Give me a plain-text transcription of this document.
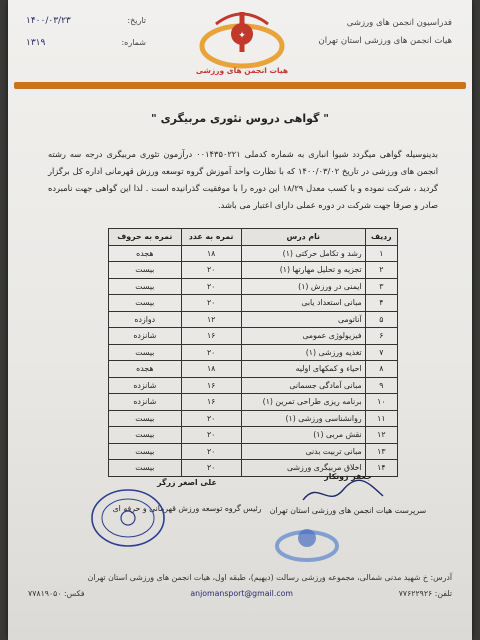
تاریخ:
۱۴۰۰/۰۳/۲۳
شماره:
۱۳۱۹
✦
هیات انجمن های ورزشی
فدراسیون انجمن های ورزشی
هیات انجمن های ورزشی استان تهران
" گواهی دروس تئوری مربیگری "
بدینوسیله گواهی میگردد شیوا انباری به شماره کدملی ۰۰۱۴۳۵۰۲۲۱ درآزمون تئوری مربیگری درجه سه رشته انجمن های ورزشی در تاریخ ۱۴۰۰/۰۳/۰۲ که با نظارت واحد آموزش گروه توسعه ورزش قهرمانی اداره کل برگزار گردید ، شرکت نموده و با کسب معدل ۱۸/۲۹ این دوره را با موفقیت گذرانیده است . لذا این گواهی جهت نامبرده صادر و صرفا جهت شرکت در دوره عملی دارای اعتبار می باشد.
ردیف	نام درس	نمره به عدد	نمره به حروف
۱	رشد و تکامل حرکتی (۱)	۱۸	هجده
۲	تجزیه و تحلیل مهارتها (۱)	۲۰	بیست
۳	ایمنی در ورزش (۱)	۲۰	بیست
۴	مبانی استعداد یابی	۲۰	بیست
۵	آناتومی	۱۲	دوازده
۶	فیزیولوژی عمومی	۱۶	شانزده
۷	تغذیه ورزشی (۱)	۲۰	بیست
۸	احیاء و کمکهای اولیه	۱۸	هجده
۹	مبانی آمادگی جسمانی	۱۶	شانزده
۱۰	برنامه ریزی طراحی تمرین (۱)	۱۶	شانزده
۱۱	روانشناسی ورزشی (۱)	۲۰	بیست
۱۲	نقش مربی (۱)	۲۰	بیست
۱۳	مبانی تربیت بدنی	۲۰	بیست
۱۴	اخلاق مربیگری ورزشی	۲۰	بیست
جعفر زونکار
سرپرست هیات انجمن های ورزشی استان تهران
علی اصغر زرگر
رئیس گروه توسعه ورزش قهرمانی و حرفه ای
آدرس: خ شهید مدنی شمالی، مجموعه ورزشی رسالت (دیهیم)، طبقه اول، هیات انجمن های ورزشی استان تهران
تلفن: ۷۷۶۲۲۹۲۶
anjomansport@gmail.com
فکس: ۷۷۸۱۹۰۵۰
